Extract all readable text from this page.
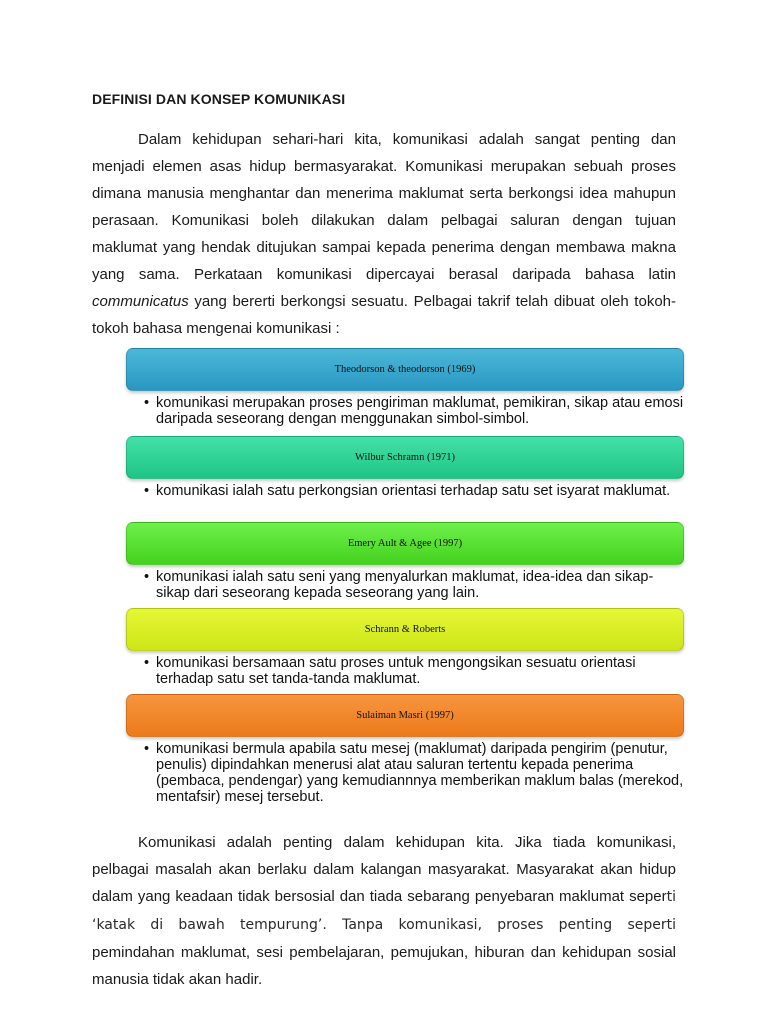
DEFINISI DAN KONSEP KOMUNIKASI
Dalam kehidupan sehari-hari kita, komunikasi adalah sangat penting dan menjadi elemen asas hidup bermasyarakat. Komunikasi merupakan sebuah proses dimana manusia menghantar dan menerima maklumat serta berkongsi idea mahupun perasaan. Komunikasi boleh dilakukan dalam pelbagai saluran dengan tujuan maklumat yang hendak ditujukan sampai kepada penerima dengan membawa makna yang sama. Perkataan komunikasi dipercayai berasal daripada bahasa latin communicatus yang bererti berkongsi sesuatu. Pelbagai takrif telah dibuat oleh tokoh-tokoh bahasa mengenai komunikasi :
Theodorson & theodorson (1969)
• komunikasi merupakan proses pengiriman maklumat, pemikiran, sikap atau emosi daripada seseorang dengan menggunakan simbol-simbol.
Wilbur Schramn (1971)
• komunikasi ialah satu perkongsian orientasi terhadap satu set isyarat maklumat.
Emery Ault & Agee (1997)
• komunikasi ialah satu seni yang menyalurkan maklumat, idea-idea dan sikap-sikap dari seseorang kepada seseorang yang lain.
Schrann & Roberts
• komunikasi bersamaan satu proses untuk mengongsikan sesuatu orientasi terhadap satu set tanda-tanda maklumat.
Sulaiman Masri (1997)
• komunikasi bermula apabila satu mesej (maklumat) daripada pengirim (penutur, penulis) dipindahkan menerusi alat atau saluran tertentu kepada penerima (pembaca, pendengar) yang kemudiannnya memberikan maklum balas (merekod, mentafsir) mesej tersebut.
Komunikasi adalah penting dalam kehidupan kita. Jika tiada komunikasi, pelbagai masalah akan berlaku dalam kalangan masyarakat. Masyarakat akan hidup dalam yang keadaan tidak bersosial dan tiada sebarang penyebaran maklumat seperti ‘katak di bawah tempurung’. Tanpa komunikasi, proses penting seperti pemindahan maklumat, sesi pembelajaran, pemujukan, hiburan dan kehidupan sosial manusia tidak akan hadir.
